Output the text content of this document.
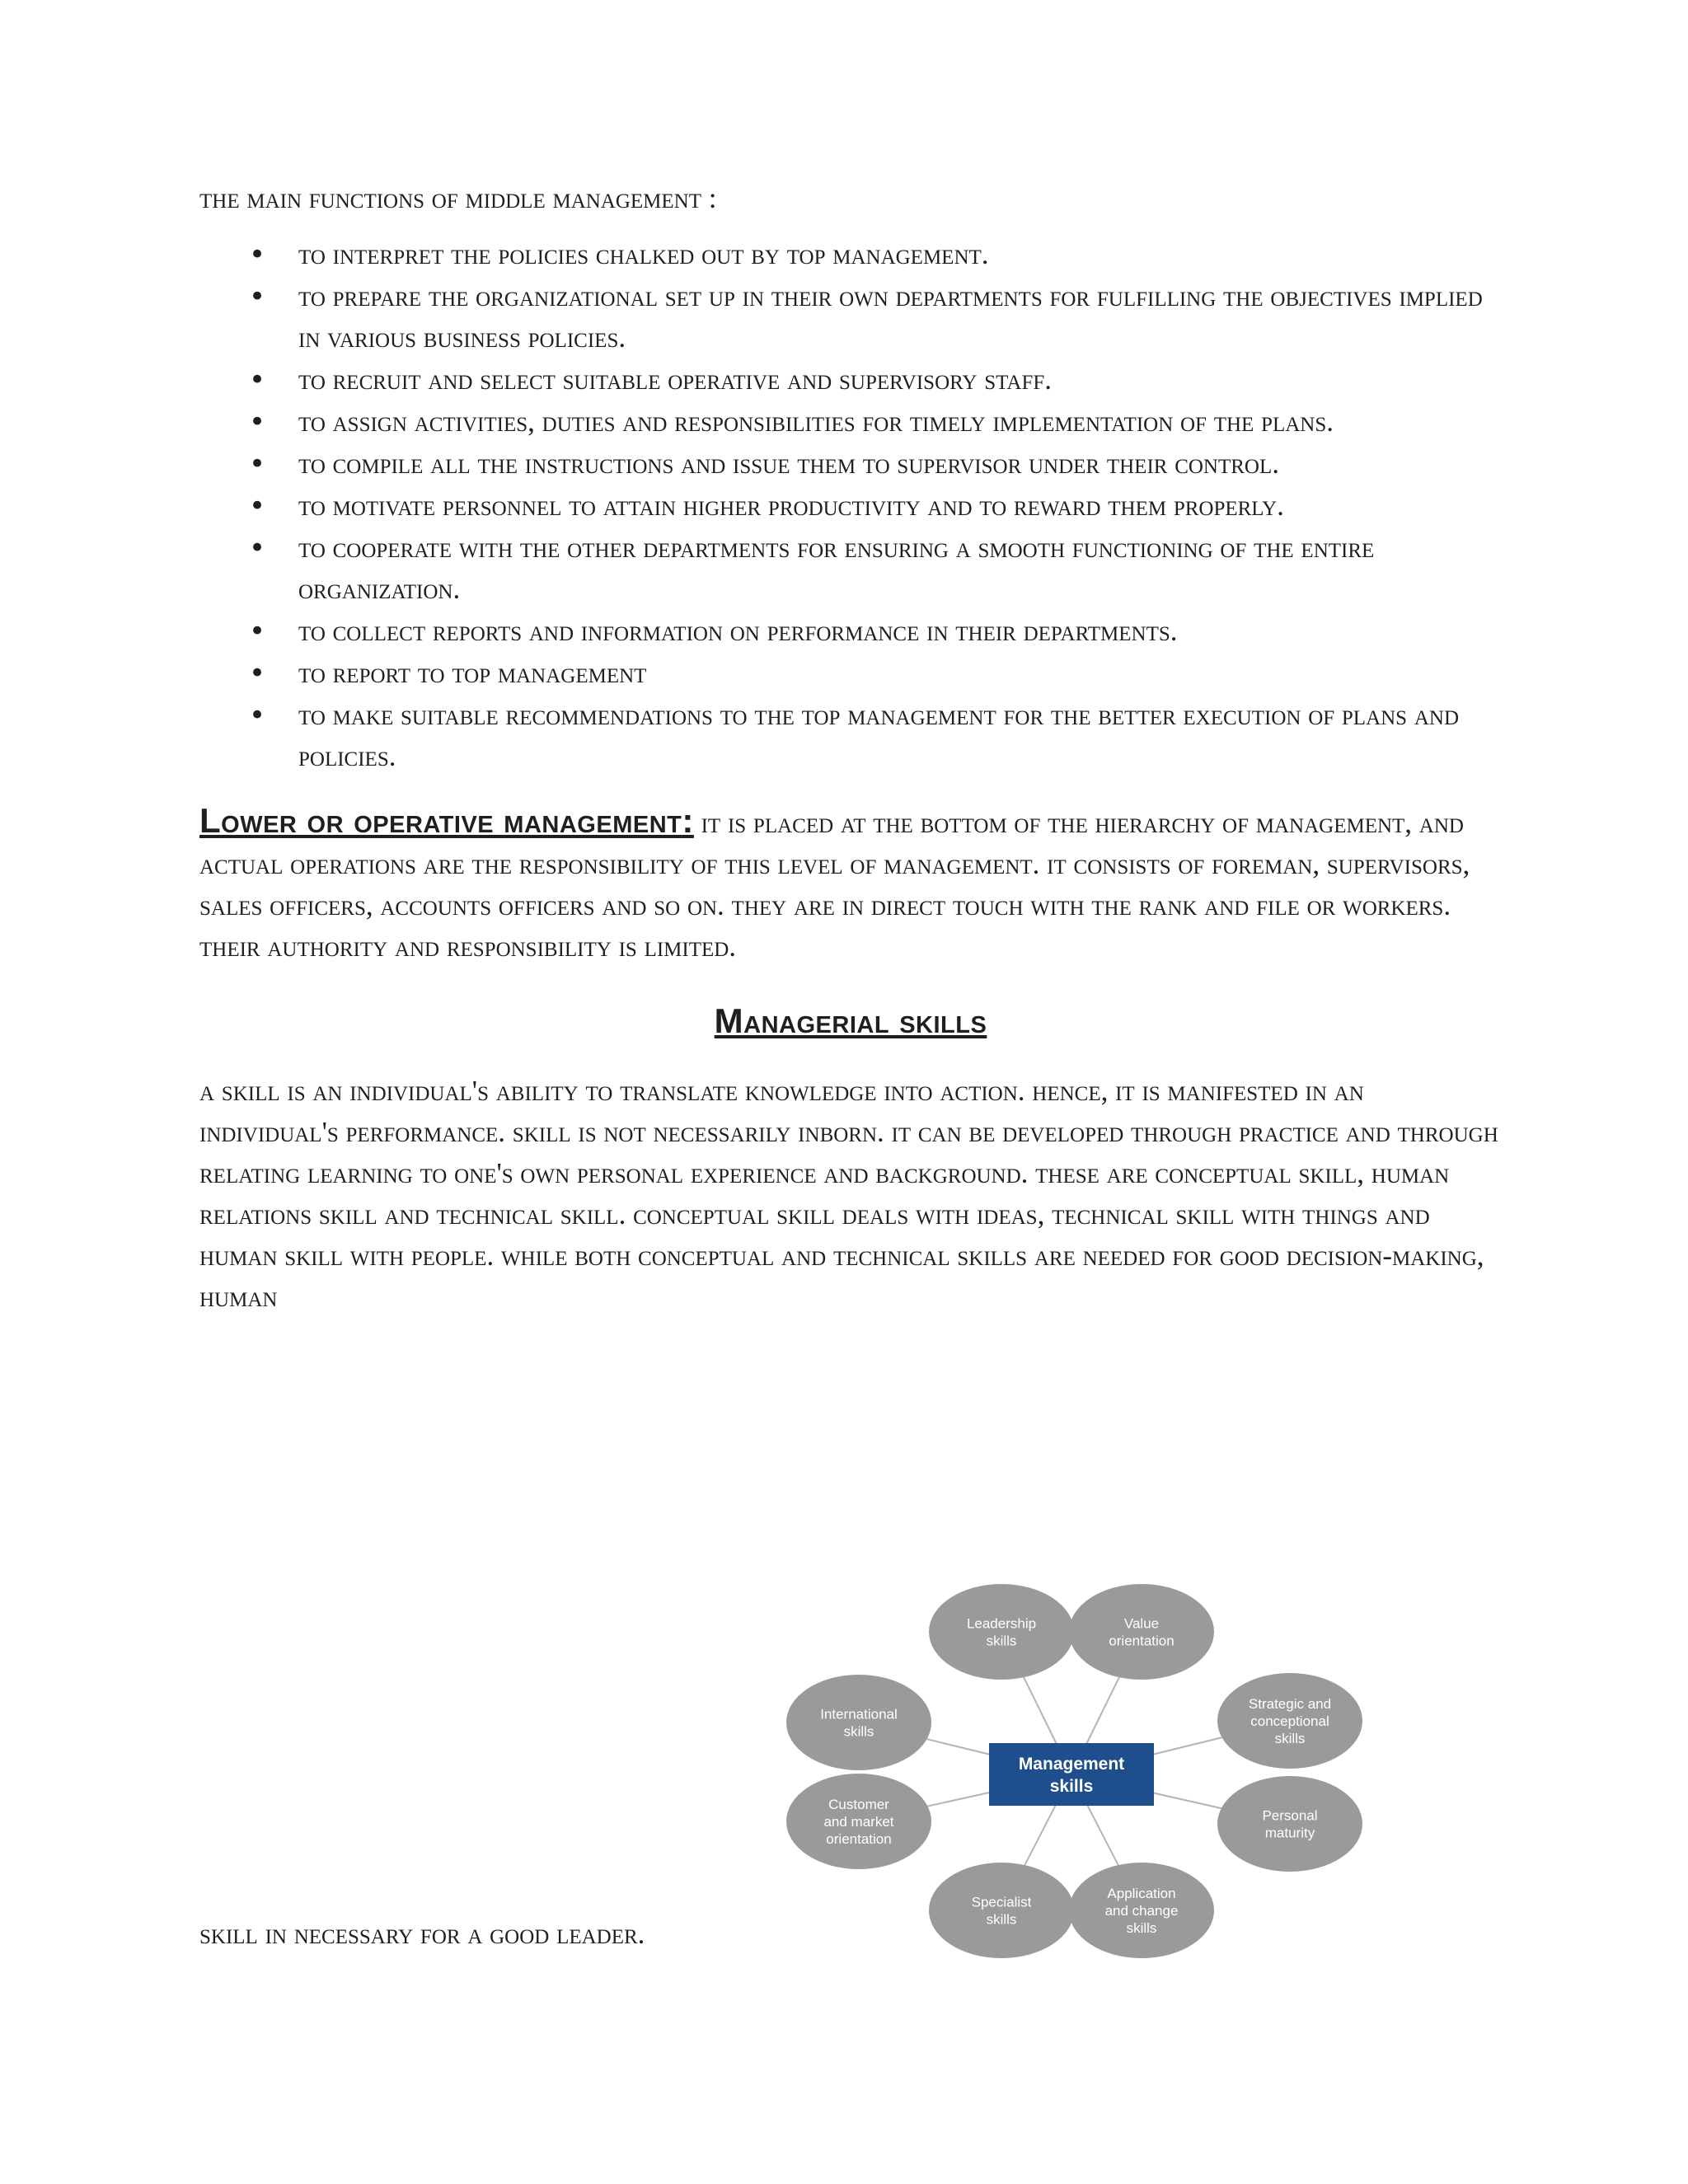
the main functions of middle management :

• to interpret the policies chalked out by top management.
• to prepare the organizational set up in their own departments for fulfilling the objectives implied in various business policies.
• to recruit and select suitable operative and supervisory staff.
• to assign activities, duties and responsibilities for timely implementation of the plans.
• to compile all the instructions and issue them to supervisor under their control.
• to motivate personnel to attain higher productivity and to reward them properly.
• to cooperate with the other departments for ensuring a smooth functioning of the entire organization.
• to collect reports and information on performance in their departments.
• to report to top management
• to make suitable recommendations to the top management for the better execution of plans and policies.

Lower or operative management: it is placed at the bottom of the hierarchy of management, and actual operations are the responsibility of this level of management. it consists of foreman, supervisors, sales officers, accounts officers and so on. they are in direct touch with the rank and file or workers. their authority and responsibility is limited.

Managerial skills

a skill is an individual's ability to translate knowledge into action. hence, it is manifested in an individual's performance. skill is not necessarily inborn. it can be developed through practice and through relating learning to one's own personal experience and background. these are conceptual skill, human relations skill and technical skill. conceptual skill deals with ideas, technical skill with things and human skill with people. while both conceptual and technical skills are needed for good decision-making, human

skill in necessary for a good leader.
Leadership
skills
Value
orientation
Strategic and
conceptional
skills
Personal
maturity
Application
and change
skills
Specialist
skills
Customer
and market
orientation
International
skills
Management
skills
